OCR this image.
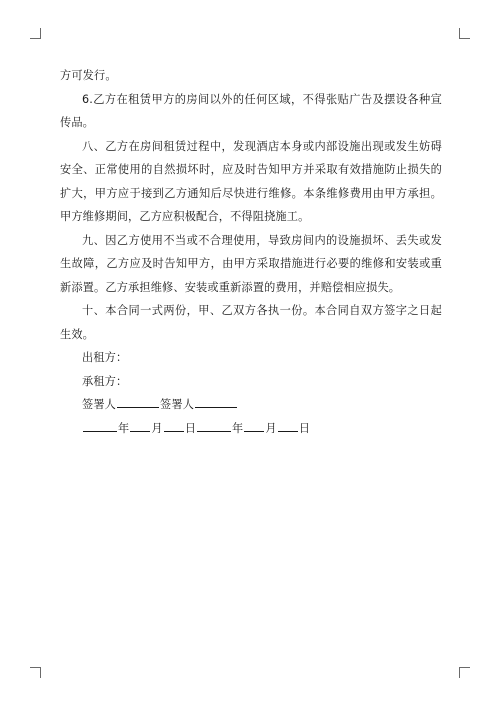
方可发行。

6.乙方在租赁甲方的房间以外的任何区域，不得张贴广告及摆设各种宣传品。

八、乙方在房间租赁过程中，发现酒店本身或内部设施出现或发生妨碍安全、正常使用的自然损坏时，应及时告知甲方并采取有效措施防止损失的扩大，甲方应于接到乙方通知后尽快进行维修。本条维修费用由甲方承担。甲方维修期间，乙方应积极配合，不得阻挠施工。

九、因乙方使用不当或不合理使用，导致房间内的设施损坏、丢失或发生故障，乙方应及时告知甲方，由甲方采取措施进行必要的维修和安装或重新添置。乙方承担维修、安装或重新添置的费用，并赔偿相应损失。

十、本合同一式两份，甲、乙双方各执一份。本合同自双方签字之日起生效。

出租方：

承租方：

签署人	签署人

年 月 日	年 月 日
